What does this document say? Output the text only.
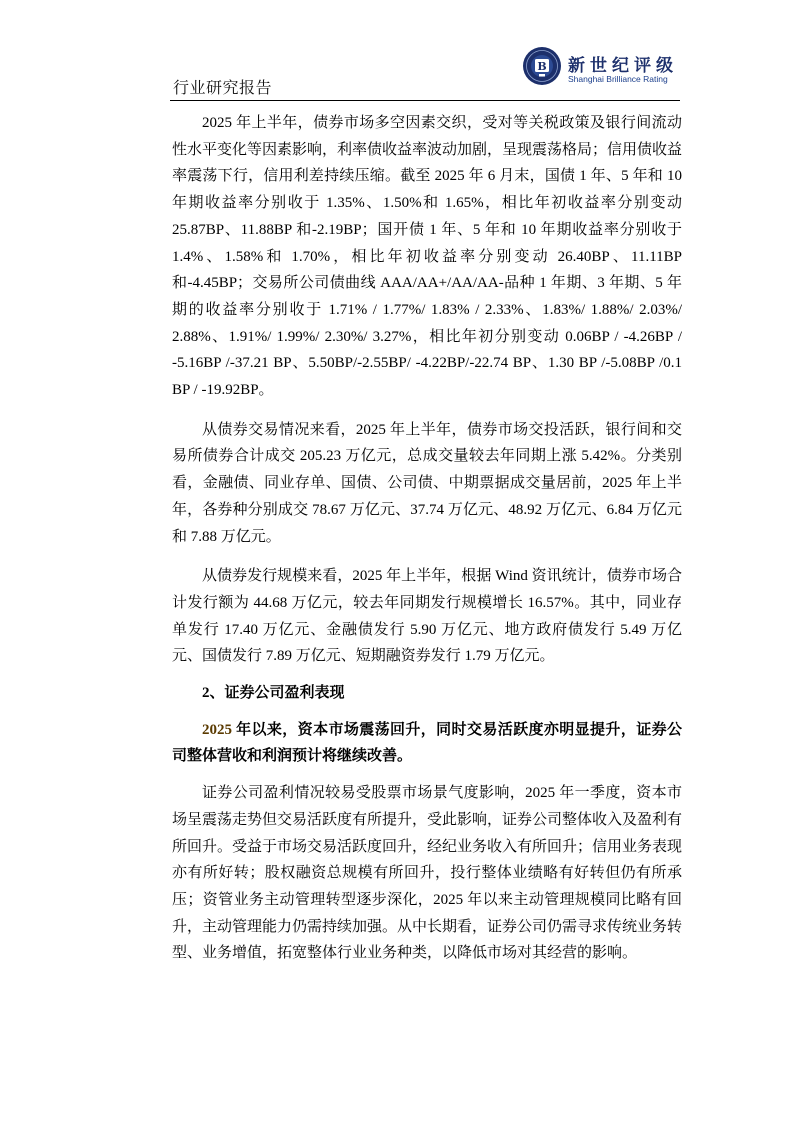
行业研究报告
B 新世纪评级
Shanghai Brilliance Rating

2025 年上半年，债券市场多空因素交织，受对等关税政策及银行间流动性水平变化等因素影响，利率债收益率波动加剧，呈现震荡格局；信用债收益率震荡下行，信用利差持续压缩。截至 2025 年 6 月末，国债 1 年、5 年和 10 年期收益率分别收于 1.35%、1.50%和 1.65%，相比年初收益率分别变动 25.87BP、11.88BP 和-2.19BP；国开债 1 年、5 年和 10 年期收益率分别收于 1.4%、1.58%和 1.70%，相比年初收益率分别变动 26.40BP、11.11BP 和-4.45BP；交易所公司债曲线 AAA/AA+/AA/AA-品种 1 年期、3 年期、5 年期的收益率分别收于 1.71% / 1.77%/ 1.83% / 2.33%、1.83%/ 1.88%/ 2.03%/ 2.88%、1.91%/ 1.99%/ 2.30%/ 3.27%，相比年初分别变动 0.06BP / -4.26BP / -5.16BP /-37.21 BP、5.50BP/-2.55BP/ -4.22BP/-22.74 BP、1.30 BP /-5.08BP /0.1 BP / -19.92BP。

从债券交易情况来看，2025 年上半年，债券市场交投活跃，银行间和交易所债券合计成交 205.23 万亿元，总成交量较去年同期上涨 5.42%。分类别看，金融债、同业存单、国债、公司债、中期票据成交量居前，2025 年上半年，各券种分别成交 78.67 万亿元、37.74 万亿元、48.92 万亿元、6.84 万亿元和 7.88 万亿元。

从债券发行规模来看，2025 年上半年，根据 Wind 资讯统计，债券市场合计发行额为 44.68 万亿元，较去年同期发行规模增长 16.57%。其中，同业存单发行 17.40 万亿元、金融债发行 5.90 万亿元、地方政府债发行 5.49 万亿元、国债发行 7.89 万亿元、短期融资券发行 1.79 万亿元。

2、证券公司盈利表现

2025 年以来，资本市场震荡回升，同时交易活跃度亦明显提升，证券公司整体营收和利润预计将继续改善。

证券公司盈利情况较易受股票市场景气度影响，2025 年一季度，资本市场呈震荡走势但交易活跃度有所提升，受此影响，证券公司整体收入及盈利有所回升。受益于市场交易活跃度回升，经纪业务收入有所回升；信用业务表现亦有所好转；股权融资总规模有所回升，投行整体业绩略有好转但仍有所承压；资管业务主动管理转型逐步深化，2025 年以来主动管理规模同比略有回升，主动管理能力仍需持续加强。从中长期看，证券公司仍需寻求传统业务转型、业务增值，拓宽整体行业业务种类，以降低市场对其经营的影响。
